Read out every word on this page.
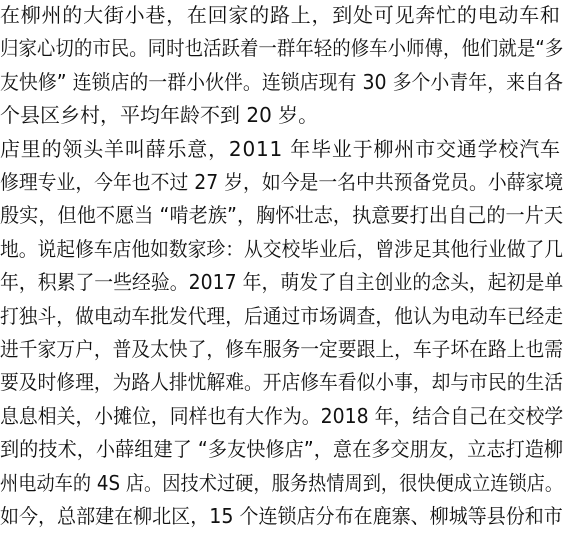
在柳州的大街小巷，在回家的路上，到处可见奔忙的电动车和
归家心切的市民。同时也活跃着一群年轻的修车小师傅，他们就是“多
友快修” 连锁店的一群小伙伴。连锁店现有 30 多个小青年，来自各
个县区乡村，平均年龄不到 20 岁。
店里的领头羊叫薛乐意，2011 年毕业于柳州市交通学校汽车
修理专业，今年也不过 27 岁，如今是一名中共预备党员。小薛家境
殷实，但他不愿当 “啃老族”，胸怀壮志，执意要打出自己的一片天
地。说起修车店他如数家珍：从交校毕业后，曾涉足其他行业做了几
年，积累了一些经验。2017 年，萌发了自主创业的念头，起初是单
打独斗，做电动车批发代理，后通过市场调查，他认为电动车已经走
进千家万户，普及太快了，修车服务一定要跟上，车子坏在路上也需
要及时修理，为路人排忧解难。开店修车看似小事，却与市民的生活
息息相关，小摊位，同样也有大作为。2018 年，结合自己在交校学
到的技术，小薛组建了 “多友快修店”，意在多交朋友，立志打造柳
州电动车的 4S 店。因技术过硬，服务热情周到，很快便成立连锁店。
如今，总部建在柳北区，15 个连锁店分布在鹿寨、柳城等县份和市
